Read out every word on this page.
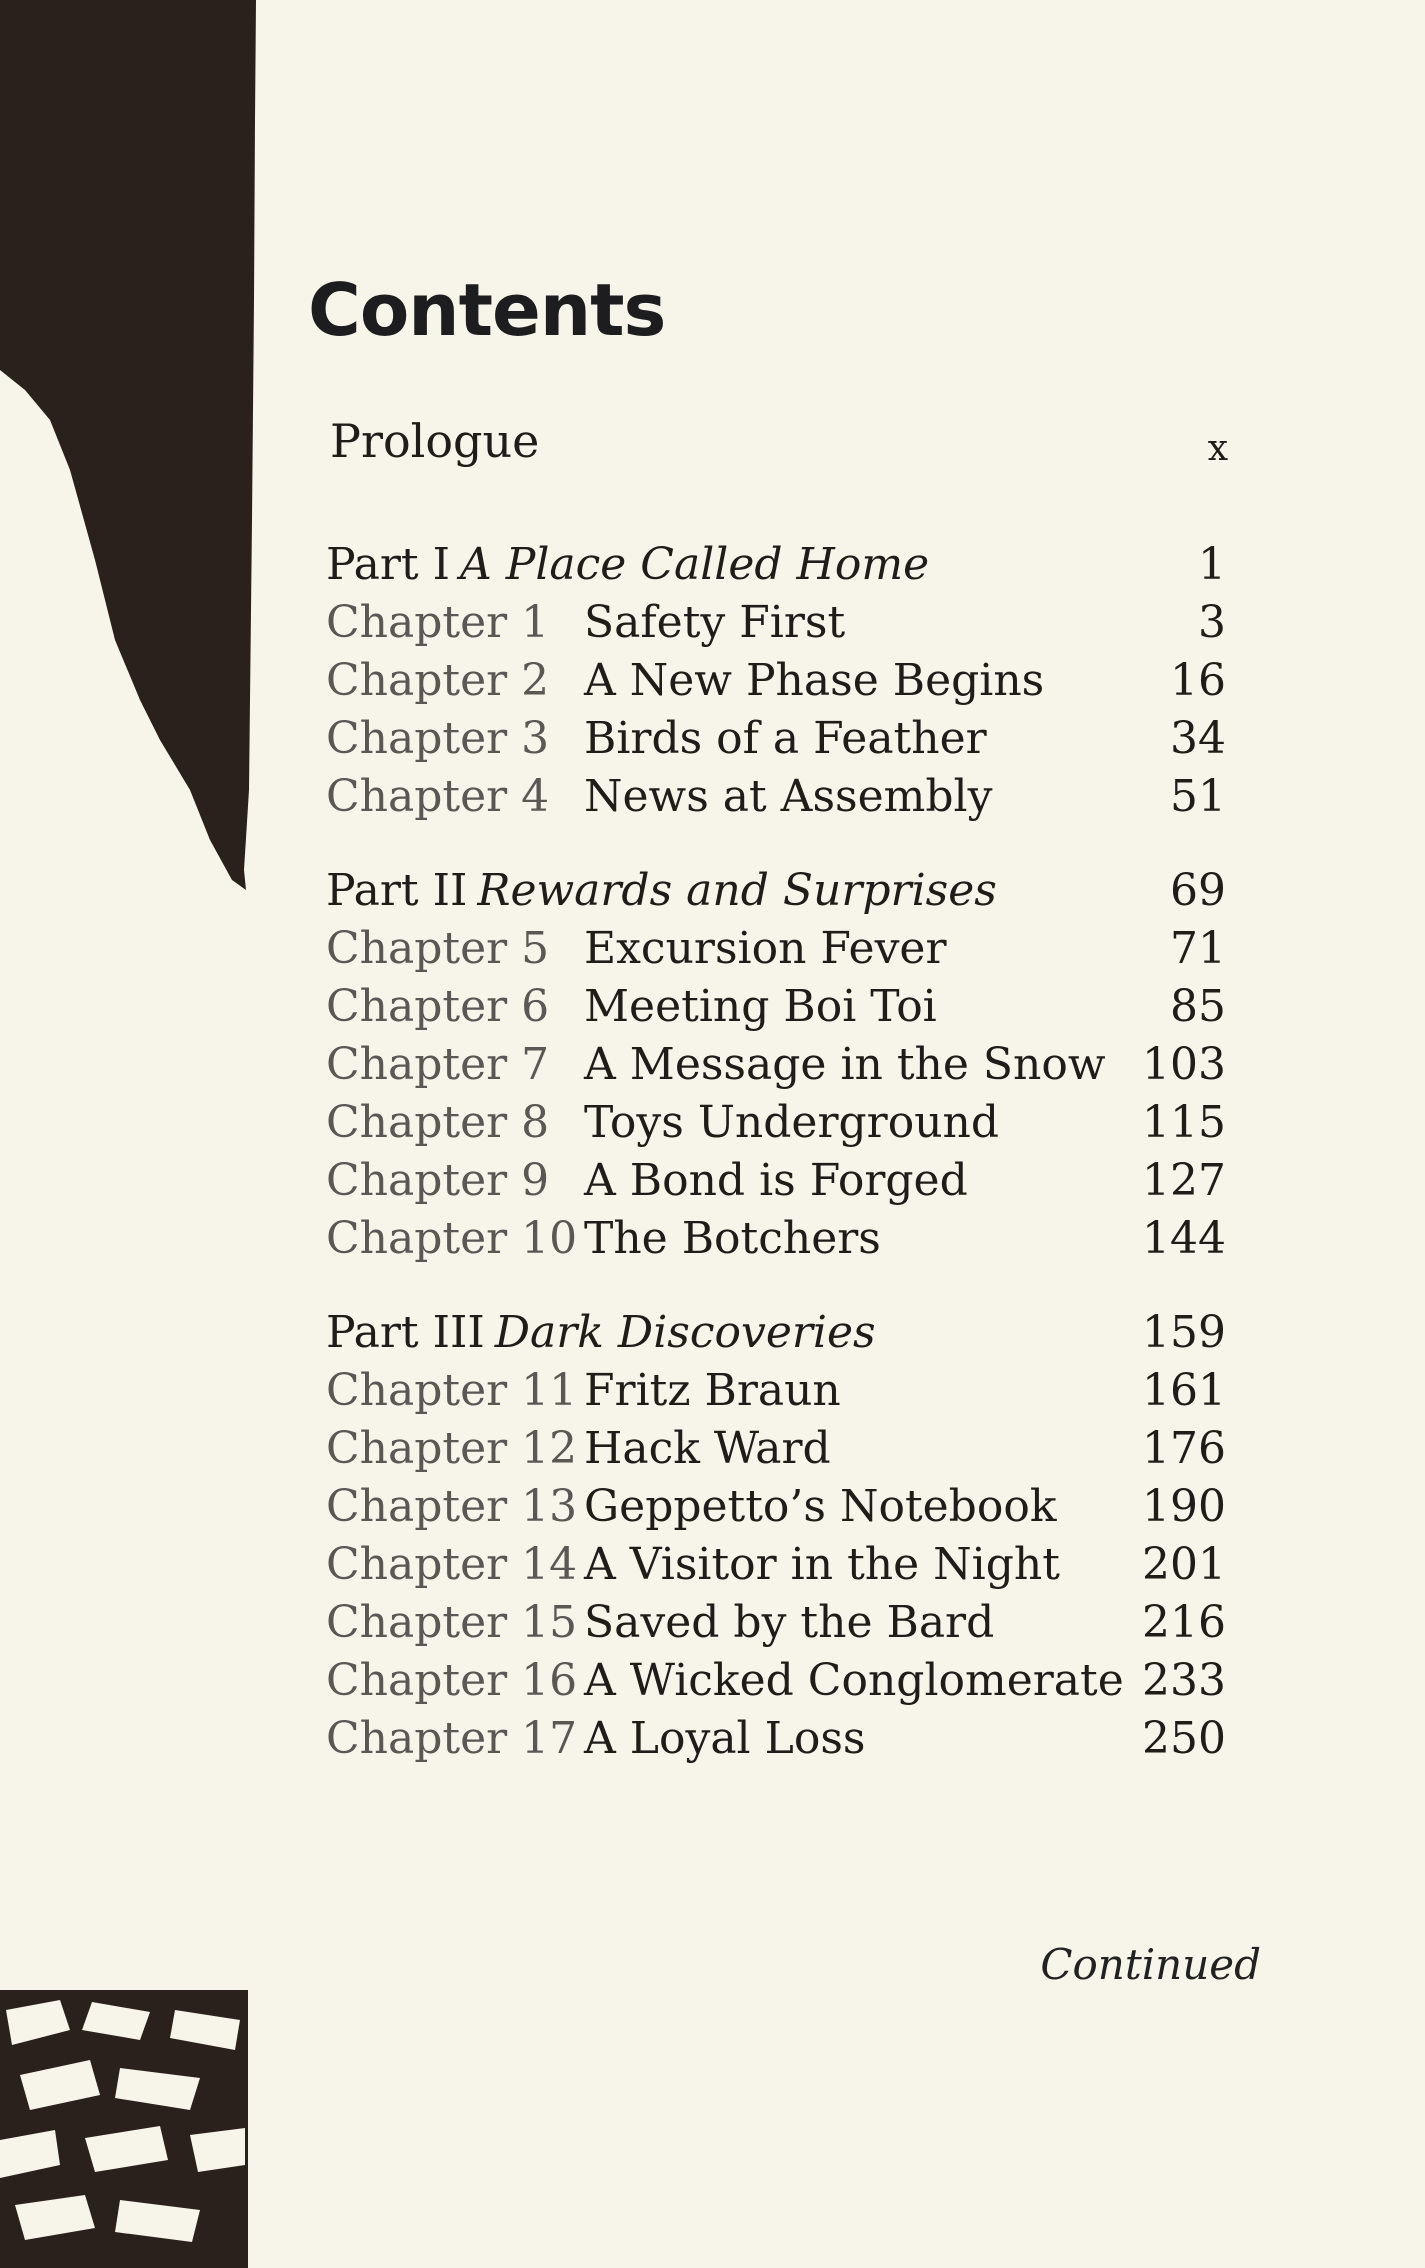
Contents
Prologue	x
Part I A Place Called Home	1
Chapter 1 Safety First	3
Chapter 2 A New Phase Begins	16
Chapter 3 Birds of a Feather	34
Chapter 4 News at Assembly	51
Part II Rewards and Surprises	69
Chapter 5 Excursion Fever	71
Chapter 6 Meeting Boi Toi	85
Chapter 7 A Message in the Snow 103
Chapter 8 Toys Underground	115
Chapter 9 A Bond is Forged	127
Chapter 10 The Botchers	144
Part III Dark Discoveries	159
Chapter 11 Fritz Braun	161
Chapter 12 Hack Ward	176
Chapter 13 Geppetto’s Notebook 190
Chapter 14 A Visitor in the Night 201
Chapter 15 Saved by the Bard	216
Chapter 16 A Wicked Conglomerate 233
Chapter 17 A Loyal Loss	250
Continued
